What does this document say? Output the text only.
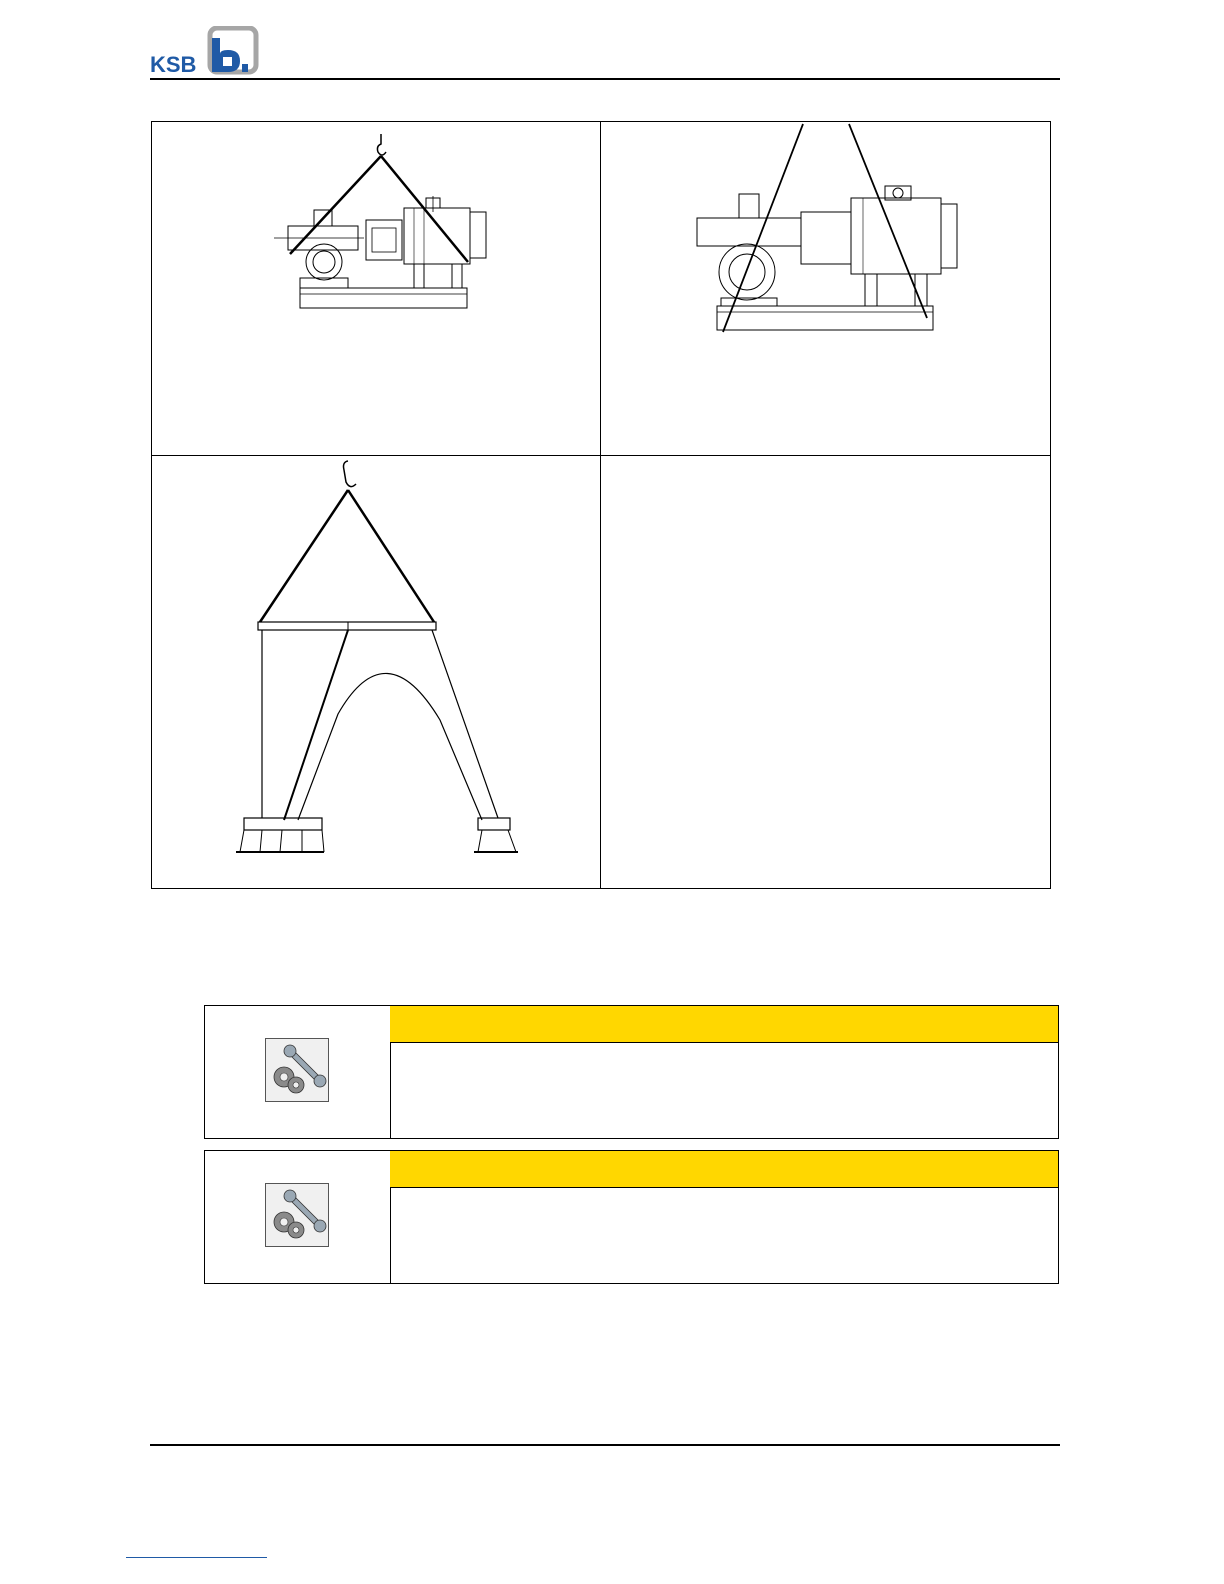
KSB
